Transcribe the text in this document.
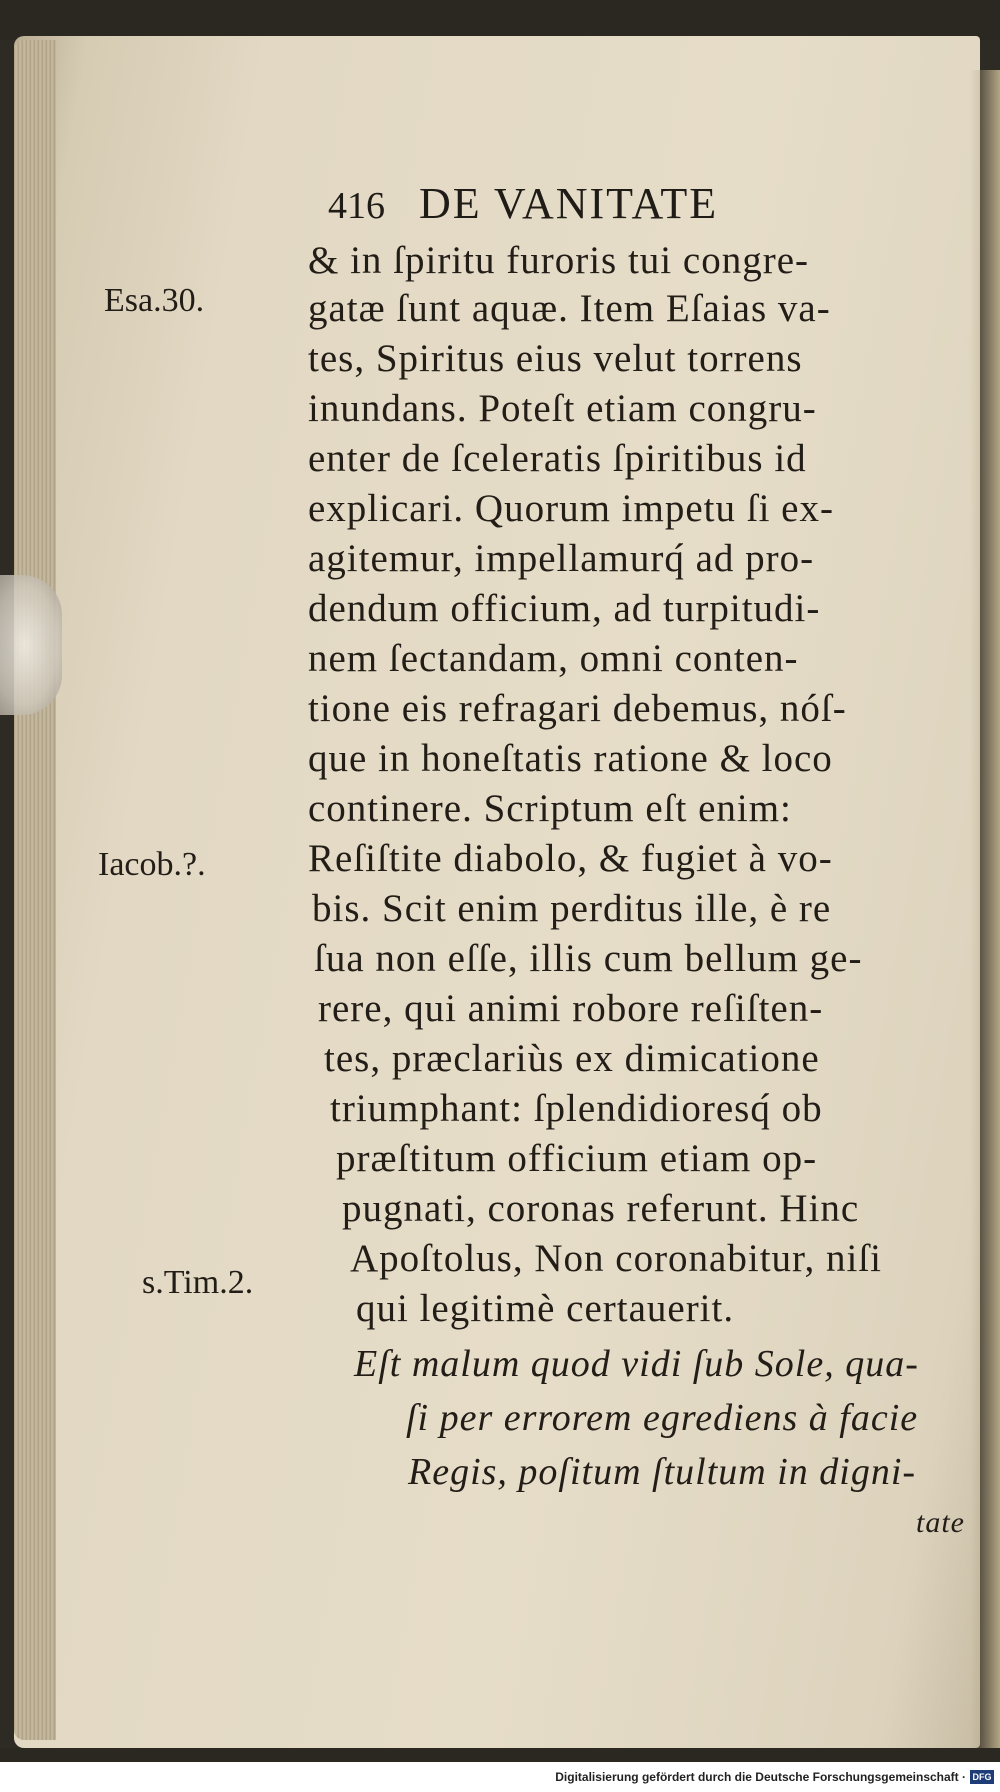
416 DE VANITATE
Esa.30.
Iacob.?.
s.Tim.2.
& in ſpiritu furoris tui congre-
gatæ ſunt aquæ. Item Eſaias va-
tes, Spiritus eius velut torrens
inundans. Poteſt etiam congru-
enter de ſceleratis ſpiritibus id
explicari. Quorum impetu ſi ex-
agitemur, impellamurq́ ad pro-
dendum officium, ad turpitudi-
nem ſectandam, omni conten-
tione eis refragari debemus, nóſ-
que in honeſtatis ratione & loco
continere. Scriptum eſt enim:
Reſiſtite diabolo, & fugiet à vo-
bis. Scit enim perditus ille, è re
ſua non eſſe, illis cum bellum ge-
rere, qui animi robore reſiſten-
tes, præclariùs ex dimicatione
triumphant: ſplendidioresq́ ob
præſtitum officium etiam op-
pugnati, coronas referunt. Hinc
Apoſtolus, Non coronabitur, niſi
qui legitimè certauerit.
Eſt malum quod vidi ſub Sole, qua-
ſi per errorem egrediens à facie
Regis, poſitum ſtultum in digni-
tate
Digitalisierung gefördert durch die Deutsche Forschungsgemeinschaft · DFG
